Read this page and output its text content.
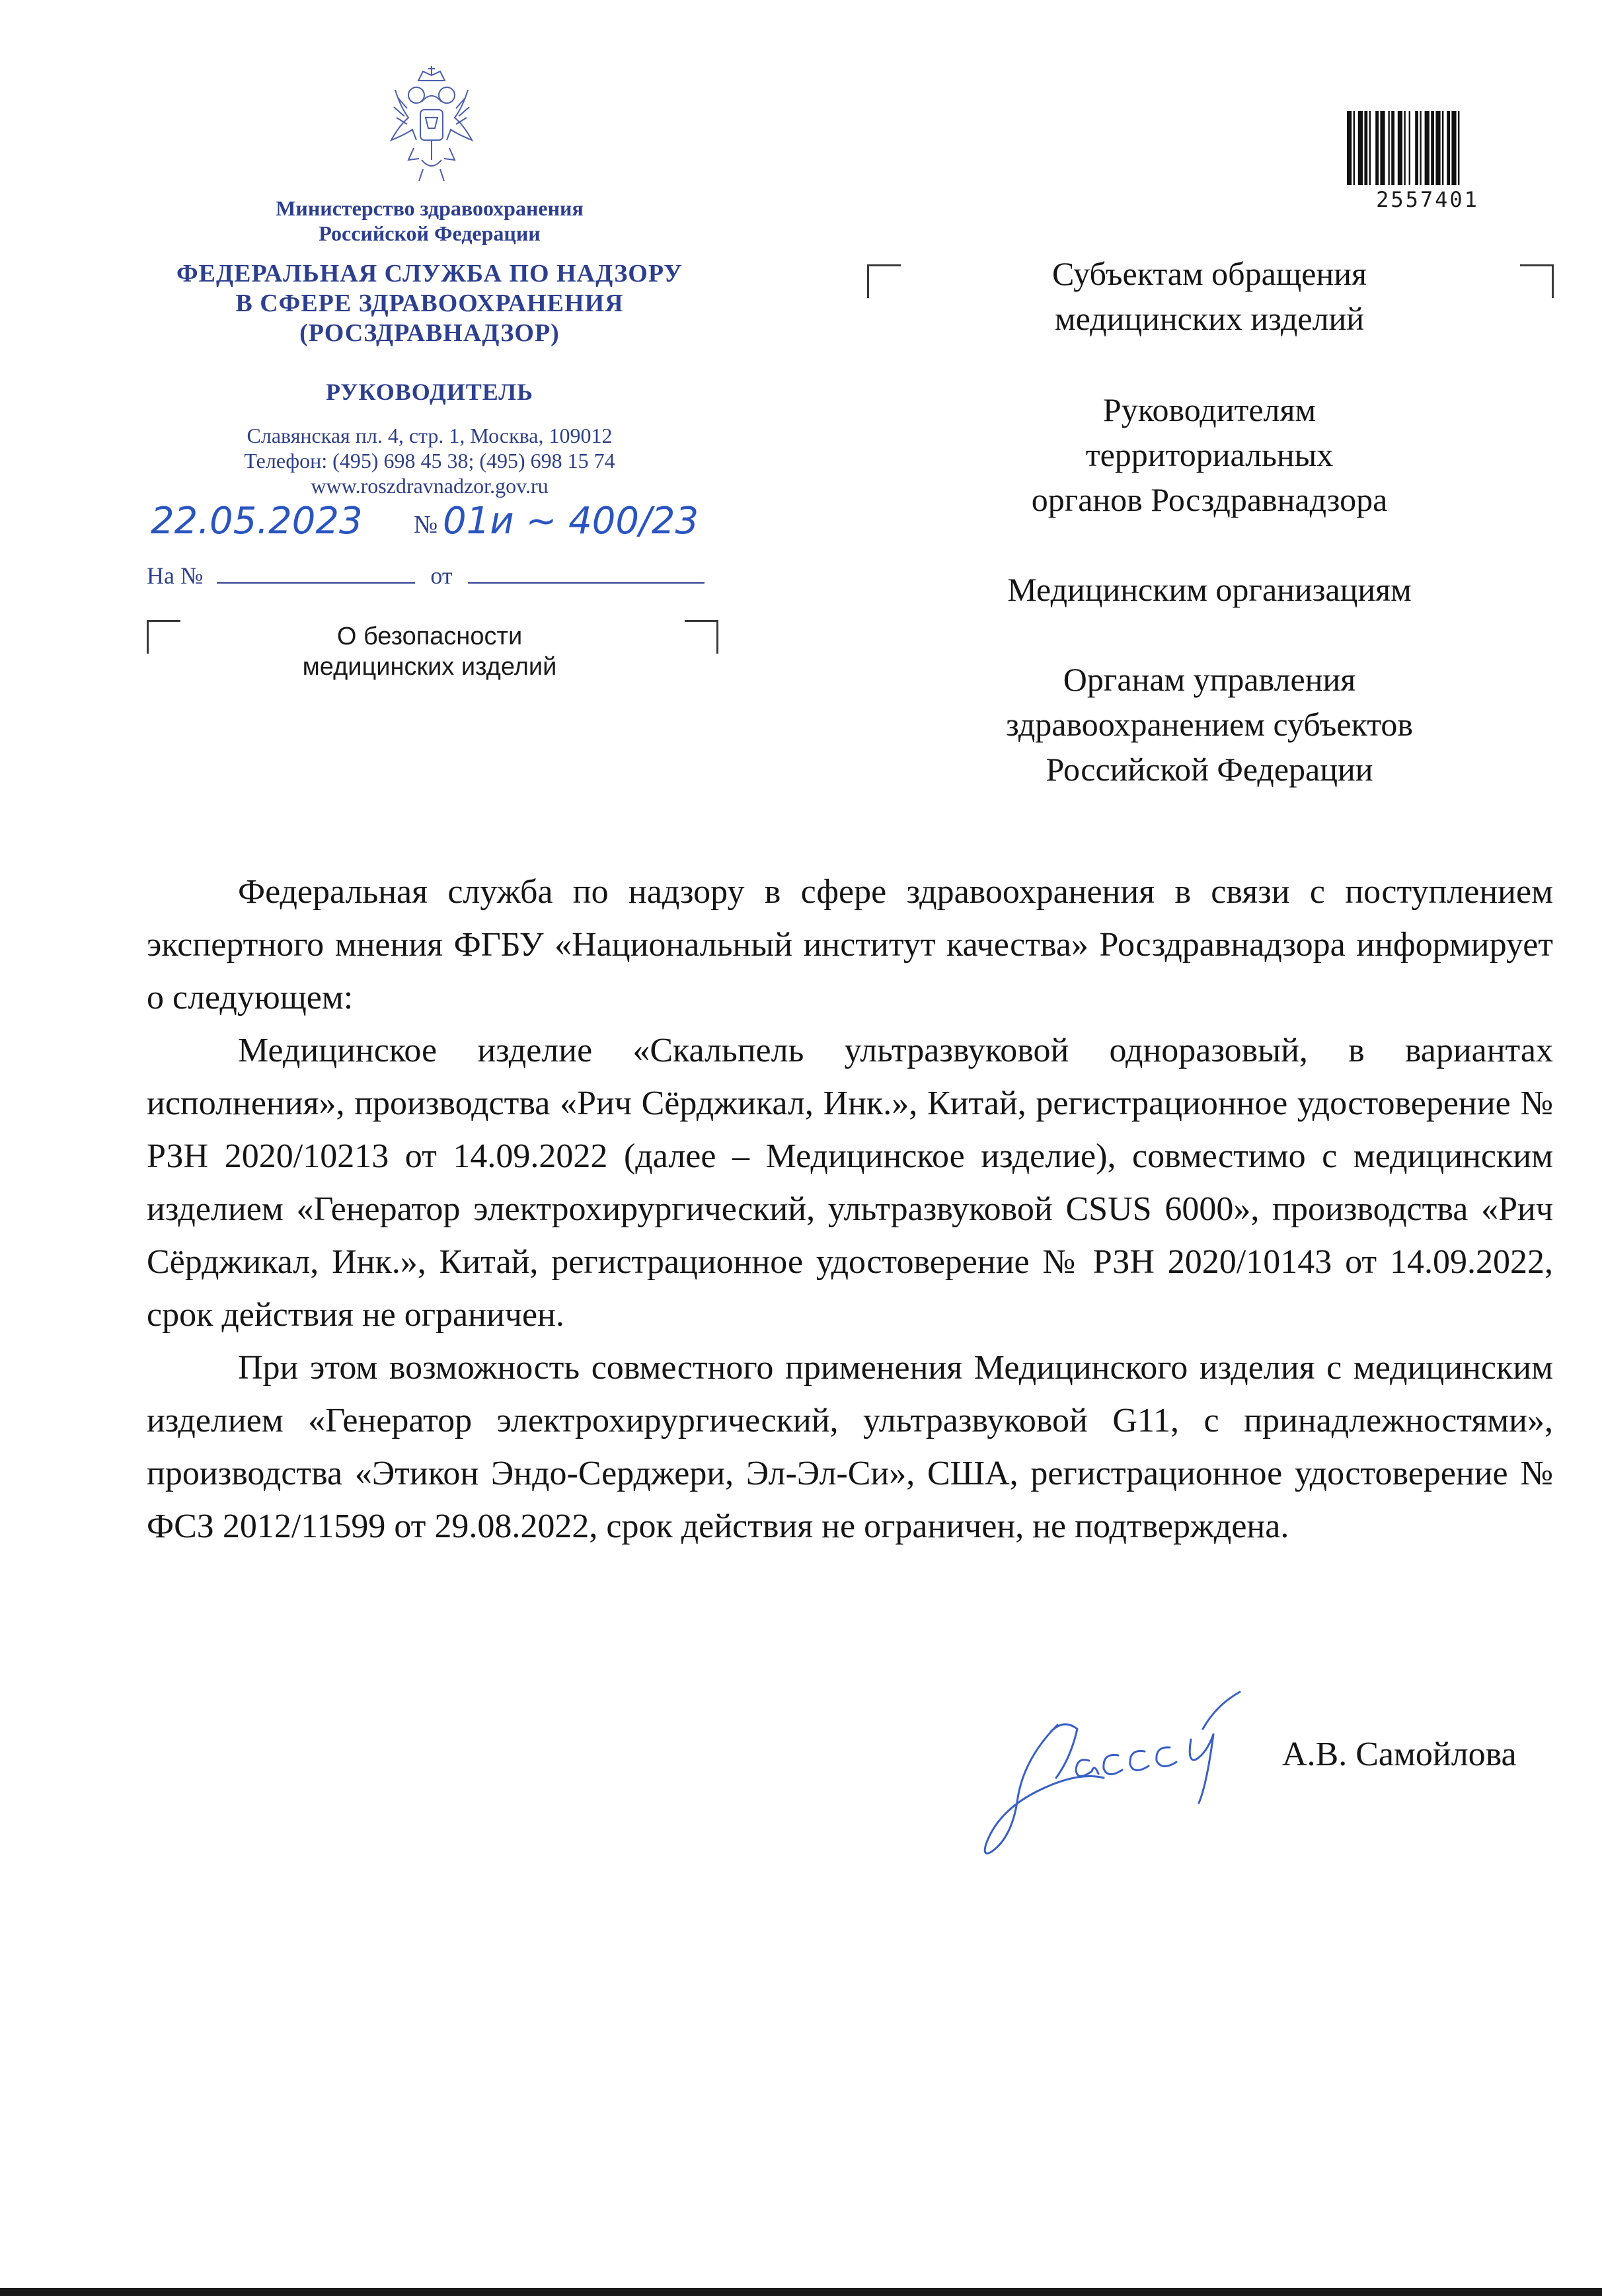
Министерство здравоохранения
Российской Федерации
ФЕДЕРАЛЬНАЯ СЛУЖБА ПО НАДЗОРУ
В СФЕРЕ ЗДРАВООХРАНЕНИЯ
(РОСЗДРАВНАДЗОР)
РУКОВОДИТЕЛЬ
Славянская пл. 4, стр. 1, Москва, 109012
Телефон: (495) 698 45 38; (495) 698 15 74
www.roszdravnadzor.gov.ru
22.05.2023 № 01и ~ 400/23
На №	от
О безопасности
медицинских изделий
2557401
Субъектам обращения
медицинских изделий
Руководителям
территориальных
органов Росздравнадзора
Медицинским организациям
Органам управления
здравоохранением субъектов
Российской Федерации

Федеральная служба по надзору в сфере здравоохранения в связи с поступлением экспертного мнения ФГБУ «Национальный институт качества» Росздравнадзора информирует о следующем:

Медицинское изделие «Скальпель ультразвуковой одноразовый, в вариантах исполнения», производства «Рич Сёрджикал, Инк.», Китай, регистрационное удостоверение № РЗН 2020/10213 от 14.09.2022 (далее – Медицинское изделие), совместимо с медицинским изделием «Генератор электрохирургический, ультразвуковой CSUS 6000», производства «Рич Сёрджикал, Инк.», Китай, регистрационное удостоверение № РЗН 2020/10143 от 14.09.2022, срок действия не ограничен.

При этом возможность совместного применения Медицинского изделия с медицинским изделием «Генератор электрохирургический, ультразвуковой G11, с принадлежностями», производства «Этикон Эндо-Серджери, Эл-Эл-Си», США, регистрационное удостоверение № ФСЗ 2012/11599 от 29.08.2022, срок действия не ограничен, не подтверждена.

А.В. Самойлова
